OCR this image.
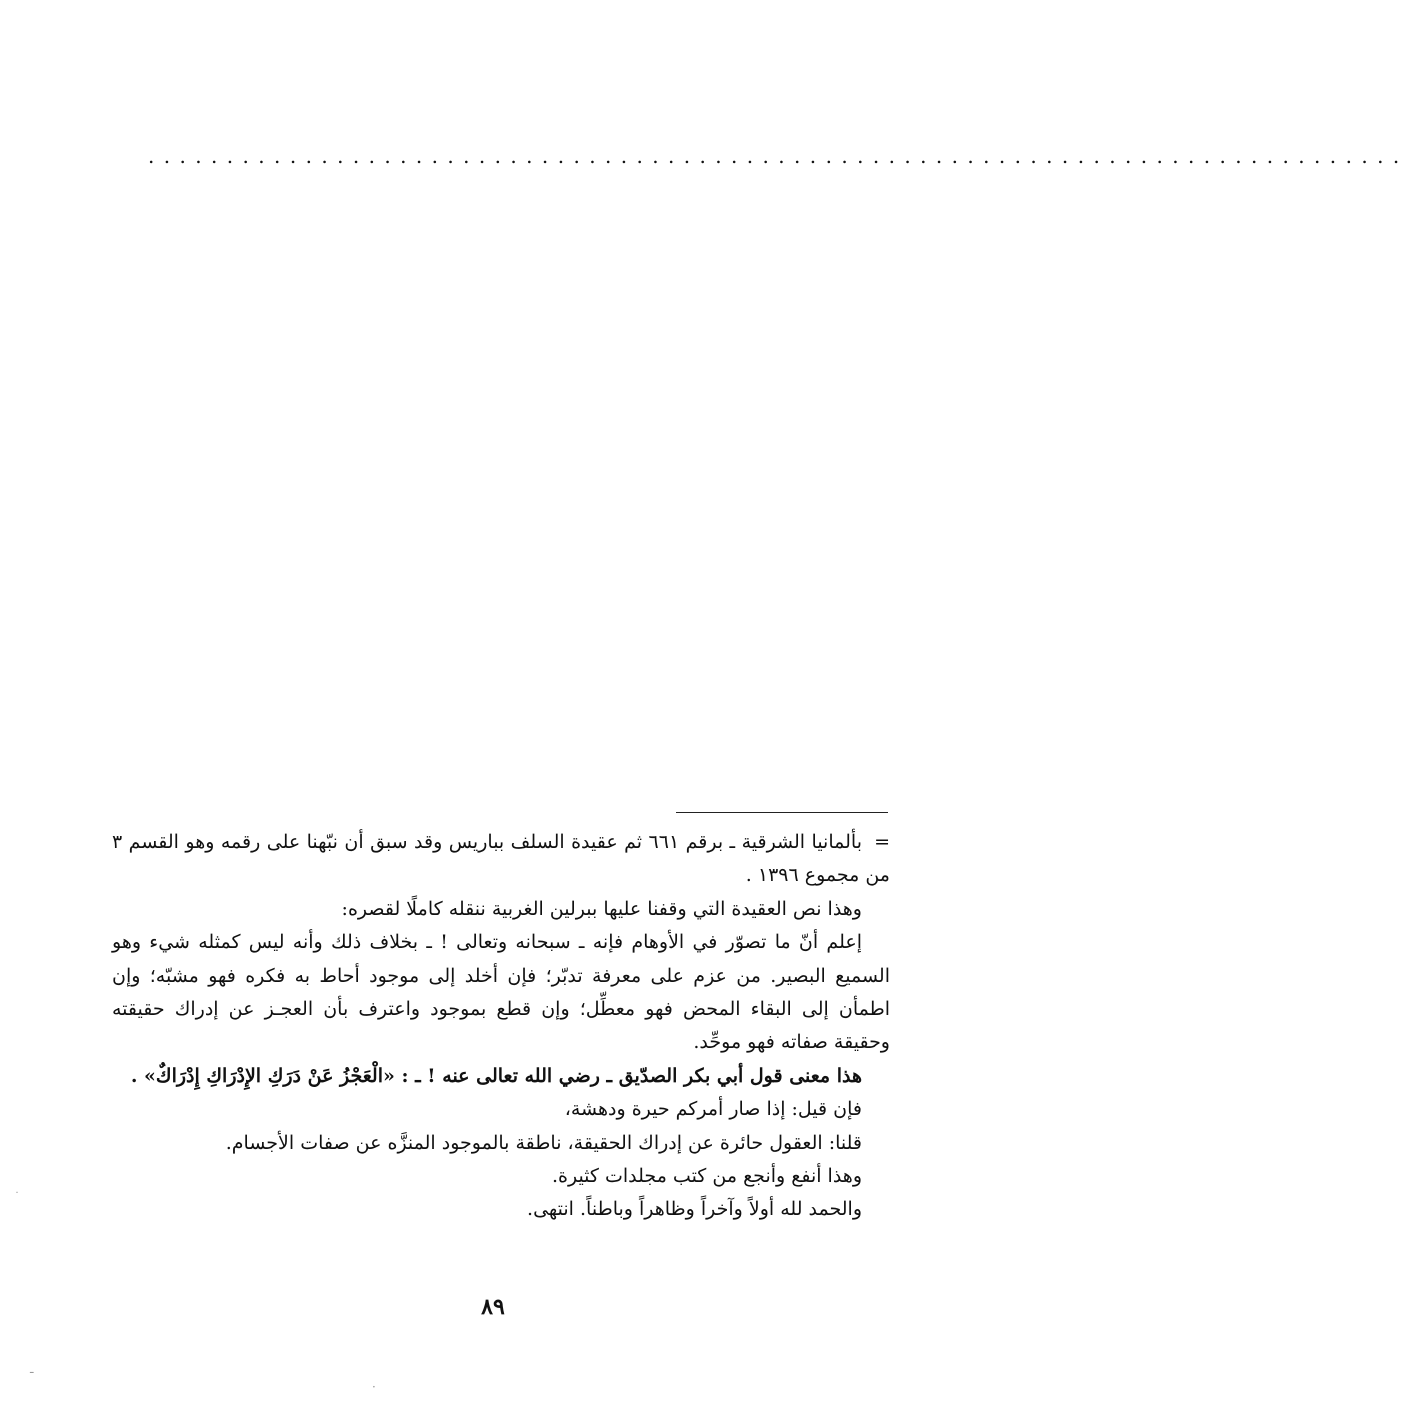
................................................................................

=
بألمانيا الشرقية ـ برقم ٦٦١ ثم عقيدة السلف بباريس وقد سبق أن نبّهنا على رقمه وهو القسم ٣

من مجموع ١٣٩٦ .

وهذا نص العقيدة التي وقفنا عليها ببرلين الغربية ننقله كاملًا لقصره:

إعلم أنّ ما تصوّر في الأوهام فإنه ـ سبحانه وتعالى ! ـ بخلاف ذلك وأنه ليس كمثله شيء وهو

السميع البصير. من عزم على معرفة تدبّر؛ فإن أخلد إلى موجود أحاط به فكره فهو مشبّه؛ وإن

اطمأن إلى البقاء المحض فهو معطِّل؛ وإن قطع بموجود واعترف بأن العجـز عن إدراك حقيقته

وحقيقة صفاته فهو موحِّد.

هذا معنى قول أبي بكر الصدّيق ـ رضي الله تعالى عنه ! ـ : «الْعَجْزُ عَنْ دَرَكِ الإِدْرَاكِ إِدْرَاكٌ» .

فإن قيل: إذا صار أمركم حيرة ودهشة،

قلنا: العقول حائرة عن إدراك الحقيقة، ناطقة بالموجود المنزَّه عن صفات الأجسام.

وهذا أنفع وأنجع من كتب مجلدات كثيرة.

والحمد لله أولاً وآخراً وظاهراً وباطناً. انتهى.

٨٩
˙
ـ
·
